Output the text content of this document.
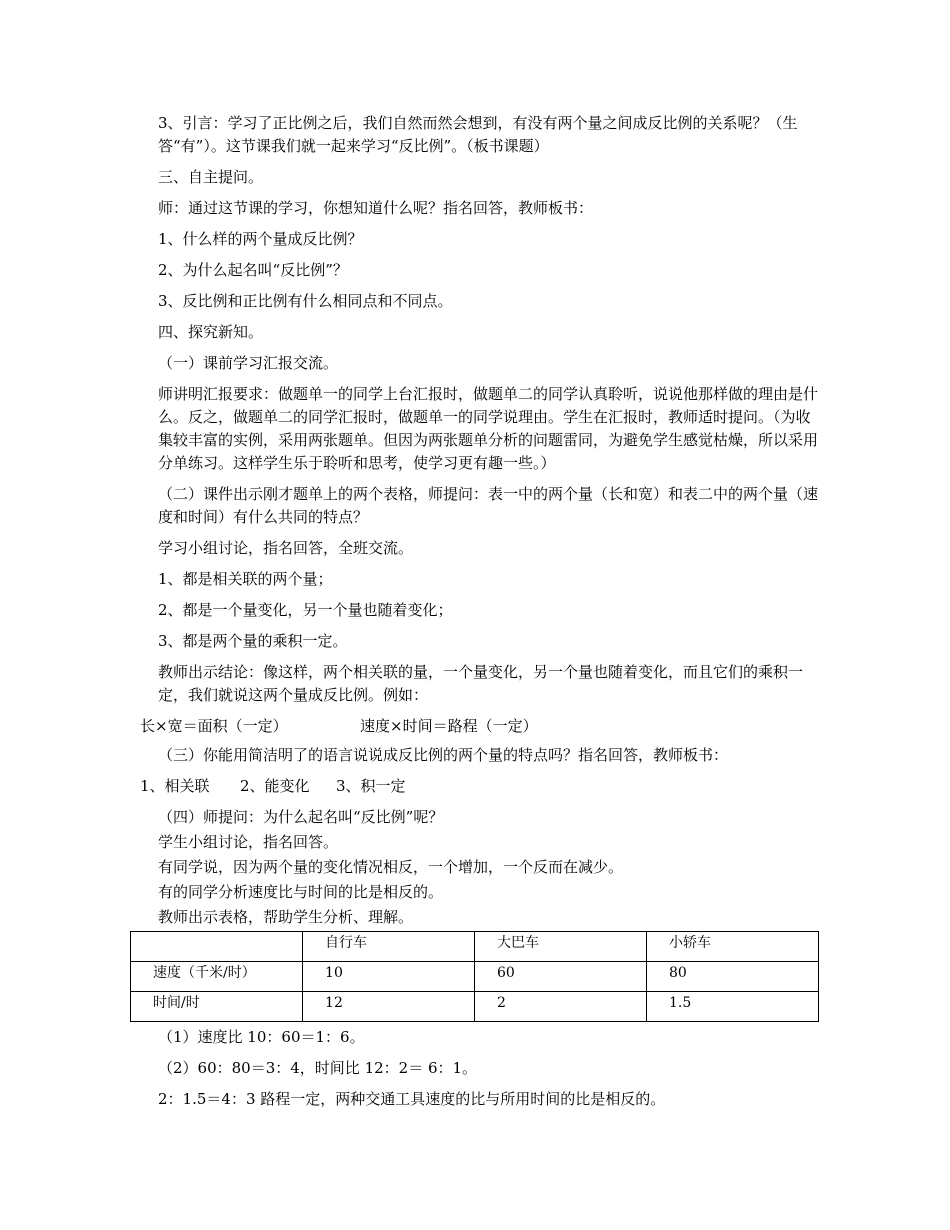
3、引言：学习了正比例之后，我们自然而然会想到，有没有两个量之间成反比例的关系呢？（生答“有”）。这节课我们就一起来学习“反比例”。（板书课题）

三、自主提问。

师：通过这节课的学习，你想知道什么呢？指名回答，教师板书：

1、什么样的两个量成反比例？

2、为什么起名叫“反比例”？

3、反比例和正比例有什么相同点和不同点。

四、探究新知。

（一）课前学习汇报交流。

师讲明汇报要求：做题单一的同学上台汇报时，做题单二的同学认真聆听，说说他那样做的理由是什么。反之，做题单二的同学汇报时，做题单一的同学说理由。学生在汇报时，教师适时提问。（为收集较丰富的实例，采用两张题单。但因为两张题单分析的问题雷同，为避免学生感觉枯燥，所以采用分单练习。这样学生乐于聆听和思考，使学习更有趣一些。）

（二）课件出示刚才题单上的两个表格，师提问：表一中的两个量（长和宽）和表二中的两个量（速度和时间）有什么共同的特点？

学习小组讨论，指名回答，全班交流。

1、都是相关联的两个量；

2、都是一个量变化，另一个量也随着变化；

3、都是两个量的乘积一定。

教师出示结论：像这样，两个相关联的量，一个量变化，另一个量也随着变化，而且它们的乘积一定，我们就说这两个量成反比例。例如：

长×宽＝面积（一定）	速度×时间＝路程（一定）

（三）你能用简洁明了的语言说说成反比例的两个量的特点吗？指名回答，教师板书：

1、相关联 2、能变化 3、积一定

（四）师提问：为什么起名叫“反比例”呢？

学生小组讨论，指名回答。

有同学说，因为两个量的变化情况相反，一个增加，一个反而在减少。

有的同学分析速度比与时间的比是相反的。

教师出示表格，帮助学生分析、理解。

	自行车	大巴车	小轿车
速度（千米/时）	10	60	80
时间/时	12	2	1.5

（1）速度比 10：60＝1：6。

（2）60：80＝3：4，时间比 12：2＝ 6：1。

2：1.5＝4：3 路程一定，两种交通工具速度的比与所用时间的比是相反的。
